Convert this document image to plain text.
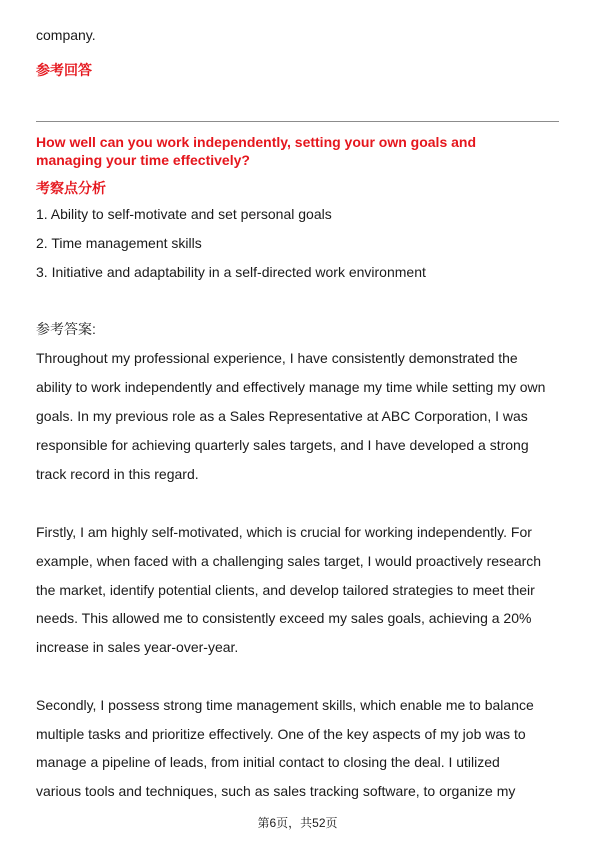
company.
参考回答
How well can you work independently, setting your own goals and
managing your time effectively?
考察点分析
1. Ability to self-motivate and set personal goals
2. Time management skills
3. Initiative and adaptability in a self-directed work environment
参考答案:
Throughout my professional experience, I have consistently demonstrated the
ability to work independently and effectively manage my time while setting my own
goals. In my previous role as a Sales Representative at ABC Corporation, I was
responsible for achieving quarterly sales targets, and I have developed a strong
track record in this regard.
Firstly, I am highly self-motivated, which is crucial for working independently. For
example, when faced with a challenging sales target, I would proactively research
the market, identify potential clients, and develop tailored strategies to meet their
needs. This allowed me to consistently exceed my sales goals, achieving a 20%
increase in sales year-over-year.
Secondly, I possess strong time management skills, which enable me to balance
multiple tasks and prioritize effectively. One of the key aspects of my job was to
manage a pipeline of leads, from initial contact to closing the deal. I utilized
various tools and techniques, such as sales tracking software, to organize my
第6页，共52页
